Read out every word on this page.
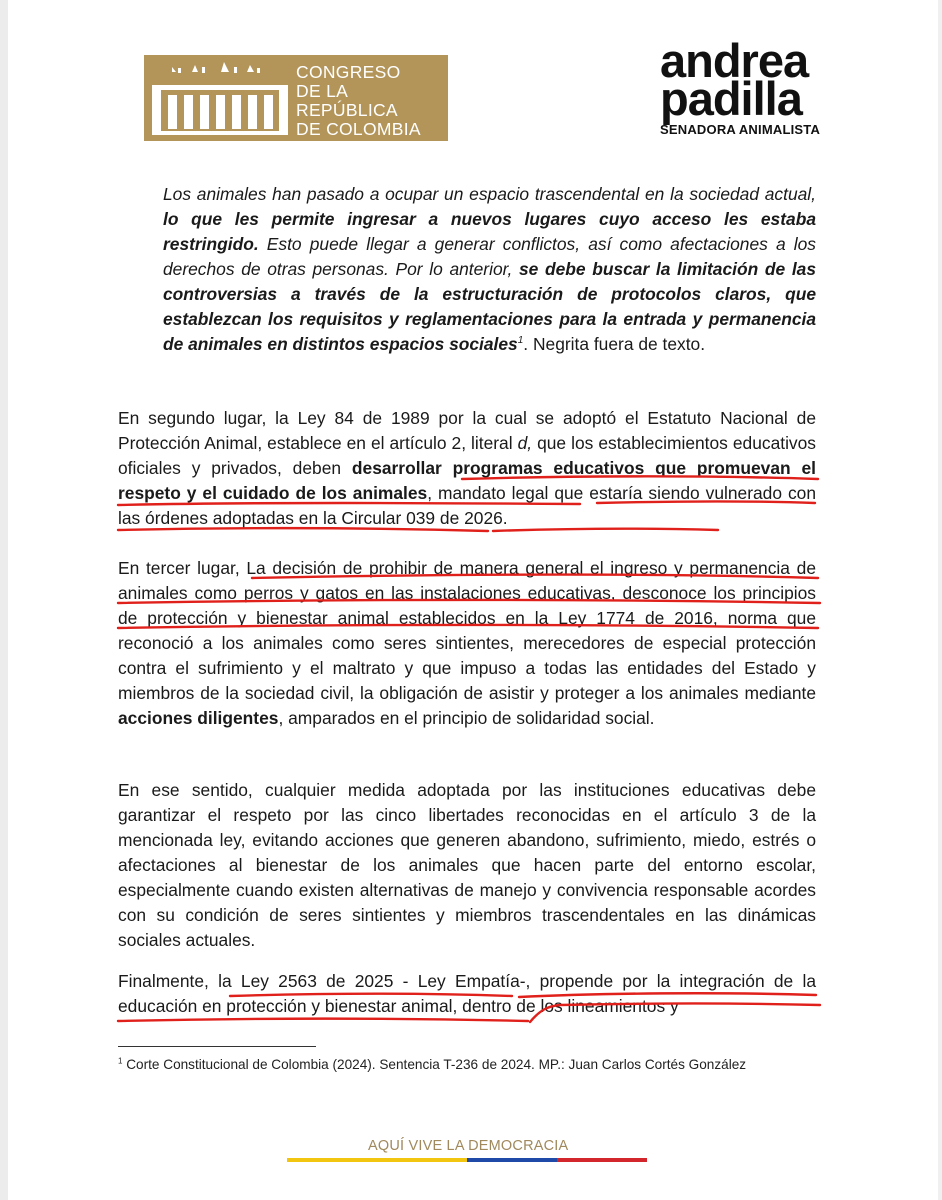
CONGRESO
DE LA REPÚBLICA
DE COLOMBIA
SENADO DE LA REPÚBLICA
andrea
padilla
SENADORA ANIMALISTA

Los animales han pasado a ocupar un espacio trascendental en la sociedad actual, lo que les permite ingresar a nuevos lugares cuyo acceso les estaba restringido. Esto puede llegar a generar conflictos, así como afectaciones a los derechos de otras personas. Por lo anterior, se debe buscar la limitación de las controversias a través de la estructuración de protocolos claros, que establezcan los requisitos y reglamentaciones para la entrada y permanencia de animales en distintos espacios sociales$^1$. Negrita fuera de texto.

En segundo lugar, la Ley 84 de 1989 por la cual se adoptó el Estatuto Nacional de Protección Animal, establece en el artículo 2, literal d, que los establecimientos educativos oficiales y privados, deben desarrollar programas educativos que promuevan el respeto y el cuidado de los animales, mandato legal que estaría siendo vulnerado con las órdenes adoptadas en la Circular 039 de 2026.

En tercer lugar, La decisión de prohibir de manera general el ingreso y permanencia de animales como perros y gatos en las instalaciones educativas, desconoce los principios de protección y bienestar animal establecidos en la Ley 1774 de 2016, norma que reconoció a los animales como seres sintientes, merecedores de especial protección contra el sufrimiento y el maltrato y que impuso a todas las entidades del Estado y miembros de la sociedad civil, la obligación de asistir y proteger a los animales mediante acciones diligentes, amparados en el principio de solidaridad social.

En ese sentido, cualquier medida adoptada por las instituciones educativas debe garantizar el respeto por las cinco libertades reconocidas en el artículo 3 de la mencionada ley, evitando acciones que generen abandono, sufrimiento, miedo, estrés o afectaciones al bienestar de los animales que hacen parte del entorno escolar, especialmente cuando existen alternativas de manejo y convivencia responsable acordes con su condición de seres sintientes y miembros trascendentales en las dinámicas sociales actuales.

Finalmente, la Ley 2563 de 2025 - Ley Empatía-, propende por la integración de la educación en protección y bienestar animal, dentro de los lineamientos y

$^1$ Corte Constitucional de Colombia (2024). Sentencia T-236 de 2024. MP.: Juan Carlos Cortés González
AQUÍ VIVE LA DEMOCRACIA
